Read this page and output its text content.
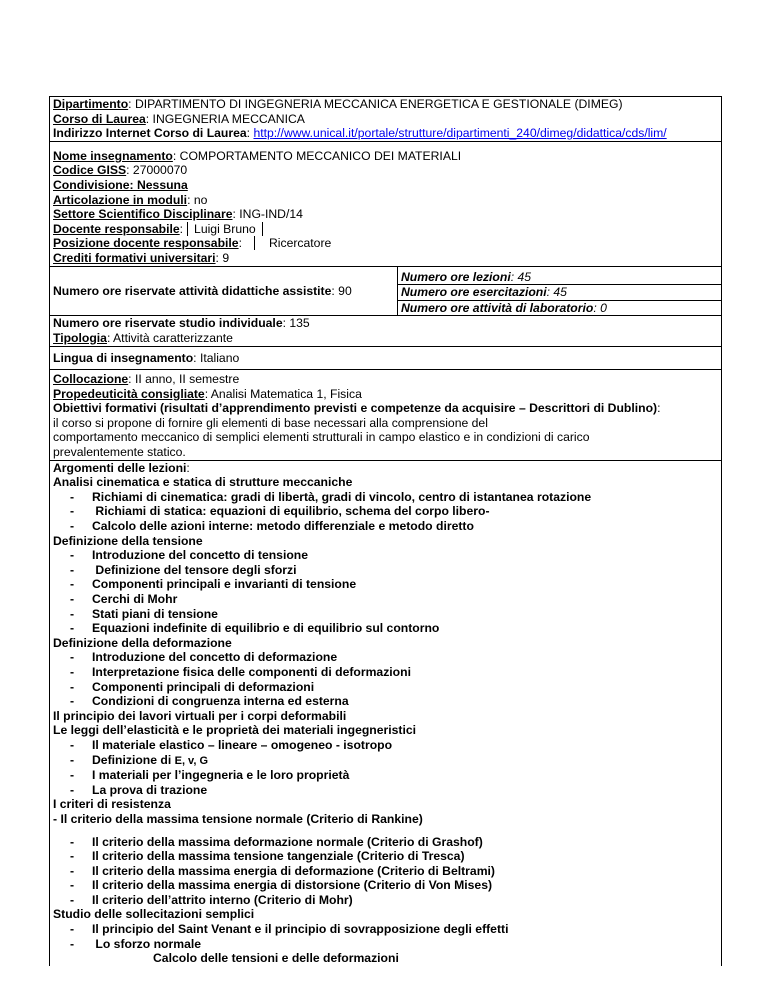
Dipartimento: DIPARTIMENTO DI INGEGNERIA MECCANICA ENERGETICA E GESTIONALE (DIMEG)
Corso di Laurea: INGEGNERIA MECCANICA
Indirizzo Internet Corso di Laurea: http://www.unical.it/portale/strutture/dipartimenti_240/dimeg/didattica/cds/lim/
Nome insegnamento: COMPORTAMENTO MECCANICO DEI MATERIALI
Codice GISS: 27000070
Condivisione: Nessuna
Articolazione in moduli: no
Settore Scientifico Disciplinare: ING-IND/14
Docente responsabile: Luigi Bruno
Posizione docente responsabile: Ricercatore
Crediti formativi universitari: 9
Numero ore riservate attività didattiche assistite: 90
Numero ore lezioni: 45
Numero ore esercitazioni: 45
Numero ore attività di laboratorio: 0
Numero ore riservate studio individuale: 135
Tipologia: Attività caratterizzante
Lingua di insegnamento: Italiano
Collocazione: II anno, II semestre
Propedeuticità consigliate: Analisi Matematica 1, Fisica
Obiettivi formativi (risultati d’apprendimento previsti e competenze da acquisire – Descrittori di Dublino):
il corso si propone di fornire gli elementi di base necessari alla comprensione del
comportamento meccanico di semplici elementi strutturali in campo elastico e in condizioni di carico
prevalentemente statico.
Argomenti delle lezioni:
Analisi cinematica e statica di strutture meccaniche
- Richiami di cinematica: gradi di libertà, gradi di vincolo, centro di istantanea rotazione
- Richiami di statica: equazioni di equilibrio, schema del corpo libero-
- Calcolo delle azioni interne: metodo differenziale e metodo diretto
Definizione della tensione
- Introduzione del concetto di tensione
- Definizione del tensore degli sforzi
- Componenti principali e invarianti di tensione
- Cerchi di Mohr
- Stati piani di tensione
- Equazioni indefinite di equilibrio e di equilibrio sul contorno
Definizione della deformazione
- Introduzione del concetto di deformazione
- Interpretazione fisica delle componenti di deformazioni
- Componenti principali di deformazioni
- Condizioni di congruenza interna ed esterna
Il principio dei lavori virtuali per i corpi deformabili
Le leggi dell’elasticità e le proprietà dei materiali ingegneristici
- Il materiale elastico – lineare – omogeneo - isotropo
- Definizione di E, v, G
- I materiali per l’ingegneria e le loro proprietà
- La prova di trazione
I criteri di resistenza
- Il criterio della massima tensione normale (Criterio di Rankine)
- Il criterio della massima deformazione normale (Criterio di Grashof)
- Il criterio della massima tensione tangenziale (Criterio di Tresca)
- Il criterio della massima energia di deformazione (Criterio di Beltrami)
- Il criterio della massima energia di distorsione (Criterio di Von Mises)
- Il criterio dell’attrito interno (Criterio di Mohr)
Studio delle sollecitazioni semplici
- Il principio del Saint Venant e il principio di sovrapposizione degli effetti
- Lo sforzo normale
Calcolo delle tensioni e delle deformazioni
